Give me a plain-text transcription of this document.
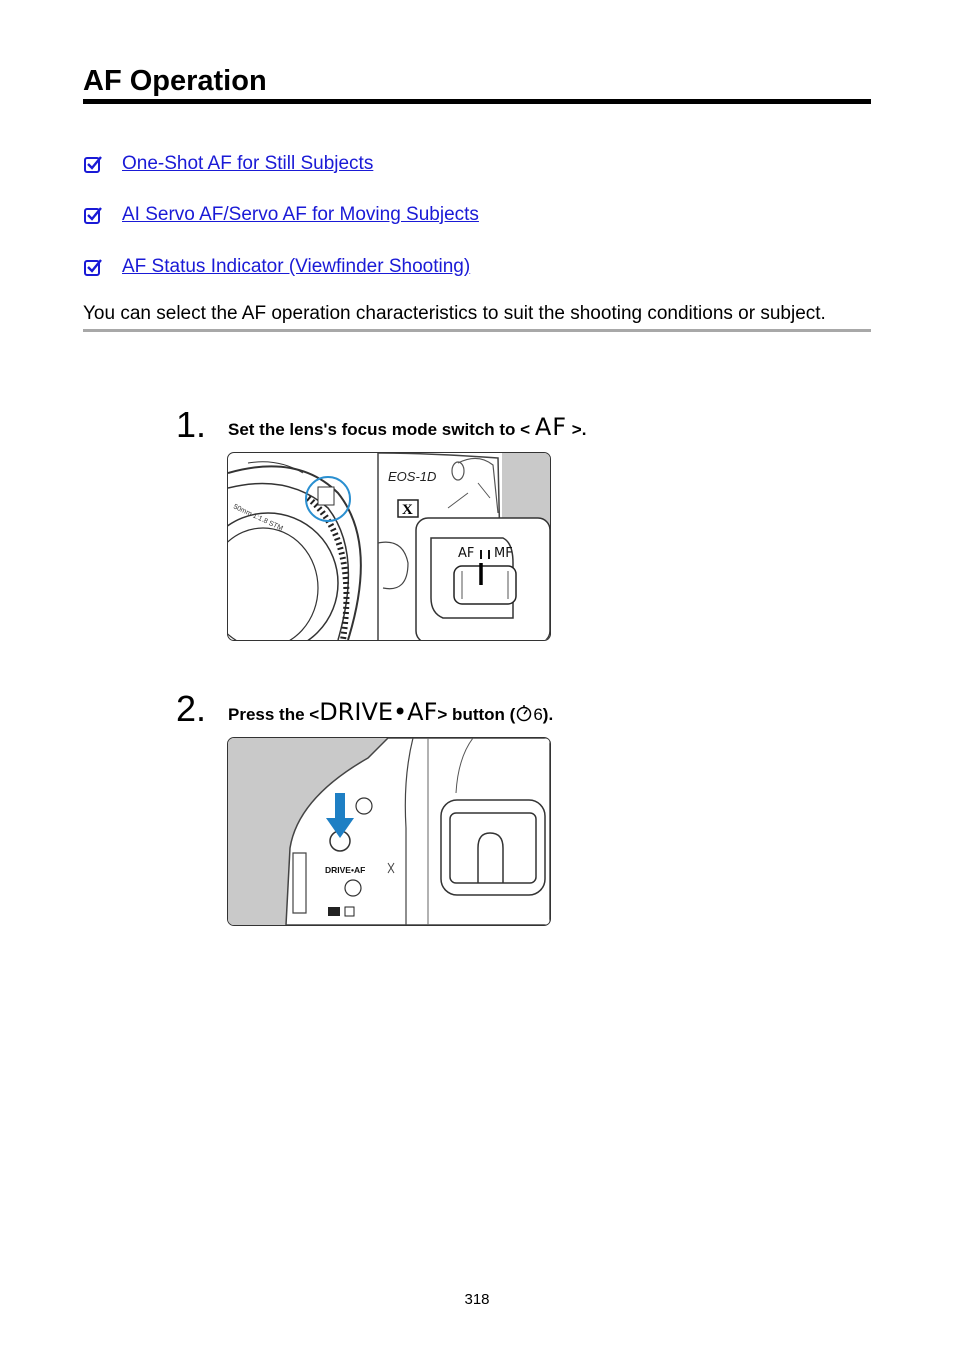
AF Operation
One-Shot AF for Still Subjects
AI Servo AF/Servo AF for Moving Subjects
AF Status Indicator (Viewfinder Shooting)

You can select the AF operation characteristics to suit the shooting conditions or subject.

1. Set the lens's focus mode switch to < AF >.
EOS-1D
X
50mm 1:1.8 STM
AF MF
2. Press the <DRIVE•AF> button ( 6).
DRIVE•AF
318
